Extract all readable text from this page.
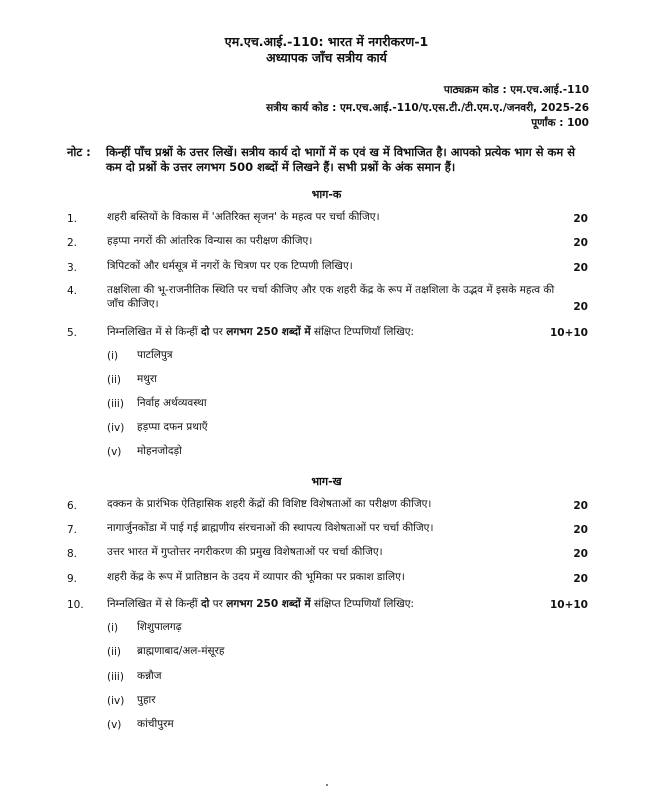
एम.एच.आई.-110: भारत में नगरीकरण-1
अध्यापक जाँच सत्रीय कार्य
पाठ्यक्रम कोड : एम.एच.आई.-110
सत्रीय कार्य कोड : एम.एच.आई.-110/ए.एस.टी./टी.एम.ए./जनवरी, 2025-26
पूर्णांक : 100
नोट : किन्हीं पाँच प्रश्नों के उत्तर लिखें। सत्रीय कार्य दो भागों में क एवं ख में विभाजित है। आपको प्रत्येक भाग से कम से कम दो प्रश्नों के उत्तर लगभग 500 शब्दों में लिखने हैं। सभी प्रश्नों के अंक समान हैं।
भाग-क
1.	शहरी बस्तियों के विकास में 'अतिरिक्त सृजन' के महत्व पर चर्चा कीजिए।	20
2.	हड़प्पा नगरों की आंतरिक विन्यास का परीक्षण कीजिए।	20
3.	त्रिपिटकों और धर्मसूत्र में नगरों के चित्रण पर एक टिप्पणी लिखिए।	20
4.	तक्षशिला की भू-राजनीतिक स्थिति पर चर्चा कीजिए और एक शहरी केंद्र के रूप में तक्षशिला के उद्भव में इसके महत्व की जाँच कीजिए।	20
5.	निम्नलिखित में से किन्हीं दो पर लगभग 250 शब्दों में संक्षिप्त टिप्पणियाँ लिखिए:	10+10
(i) पाटलिपुत्र
(ii) मथुरा
(iii) निर्वाह अर्थव्यवस्था
(iv) हड़प्पा दफन प्रथाएँ
(v) मोहनजोदड़ो
भाग-ख
6.	दक्कन के प्रारंभिक ऐतिहासिक शहरी केंद्रों की विशिष्ट विशेषताओं का परीक्षण कीजिए।	20
7.	नागार्जुनकोंडा में पाई गई ब्राह्मणीय संरचनाओं की स्थापत्य विशेषताओं पर चर्चा कीजिए।	20
8.	उत्तर भारत में गुप्तोत्तर नगरीकरण की प्रमुख विशेषताओं पर चर्चा कीजिए।	20
9.	शहरी केंद्र के रूप में प्रातिष्ठान के उदय में व्यापार की भूमिका पर प्रकाश डालिए।	20
10. निम्नलिखित में से किन्हीं दो पर लगभग 250 शब्दों में संक्षिप्त टिप्पणियाँ लिखिए:	10+10
(i) शिशुपालगढ़
(ii) ब्राह्मणाबाद/अल-मंसूरह
(iii) कन्नौज
(iv) पुहार
(v) कांचीपुरम
